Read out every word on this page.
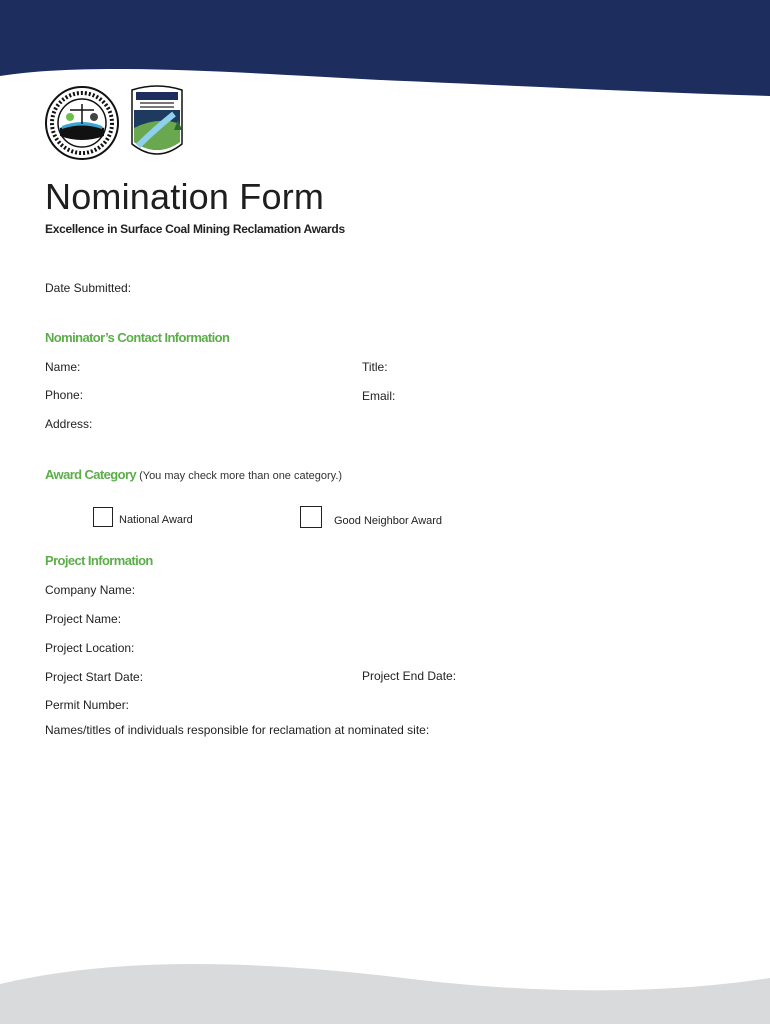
Nomination Form
Excellence in Surface Coal Mining Reclamation Awards
Date Submitted:
Nominator’s Contact Information
Name:	Title:
Phone:	Email:
Address:
Award Category (You may check more than one category.)
National Award	Good Neighbor Award
Project Information
Company Name:
Project Name:
Project Location:
Project Start Date:	Project End Date:
Permit Number:
Names/titles of individuals responsible for reclamation at nominated site:
